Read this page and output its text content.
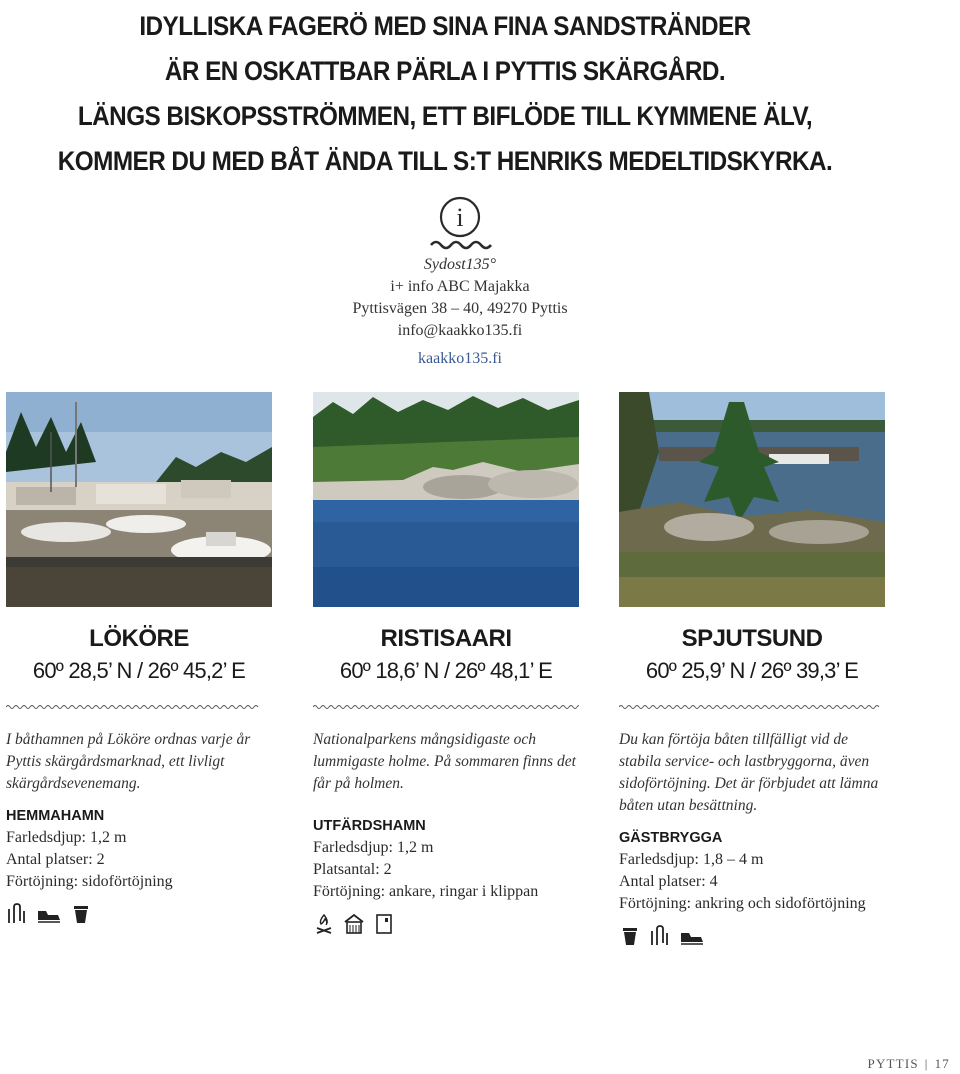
IDYLLISKA FAGERÖ MED SINA FINA SANDSTRÄNDER
ÄR EN OSKATTBAR PÄRLA I PYTTIS SKÄRGÅRD.
LÄNGS BISKOPSSTRÖMMEN, ETT BIFLÖDE TILL KYMMENE ÄLV,
KOMMER DU MED BÅT ÄNDA TILL S:T HENRIKS MEDELTIDSKYRKA.
i
Sydost135°
i+ info ABC Majakka
Pyttisvägen 38 – 40, 49270 Pyttis
info@kaakko135.fi
kaakko135.fi
LÖKÖRE
60º 28,5’ N / 26º 45,2’ E
I båthamnen på Lököre ordnas varje år Pyttis skärgårdsmarknad, ett livligt skärgårdsevenemang.
HEMMAHAMN
Farledsdjup: 1,2 m
Antal platser: 2
Förtöjning: sidoförtöjning
RISTISAARI
60º 18,6’ N / 26º 48,1’ E
Nationalparkens mångsidigaste och lummigaste holme. På sommaren finns det får på holmen.
UTFÄRDSHAMN
Farledsdjup: 1,2 m
Platsantal: 2
Förtöjning: ankare, ringar i klippan
SPJUTSUND
60º 25,9’ N / 26º 39,3’ E
Du kan förtöja båten tillfälligt vid de stabila service- och lastbryggorna, även sidoförtöjning. Det är förbjudet att lämna båten utan besättning.
GÄSTBRYGGA
Farledsdjup: 1,8 – 4 m
Antal platser: 4
Förtöjning: ankring och sidoförtöjning
PYTTIS | 17
